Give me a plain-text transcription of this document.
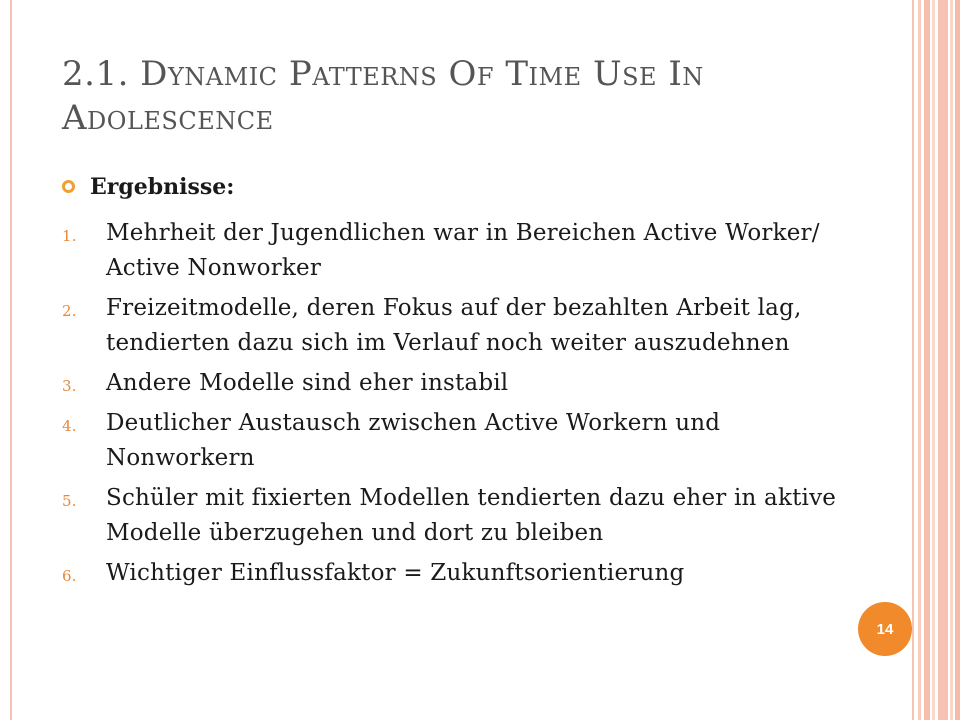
2.1. Dynamic Patterns Of Time Use In Adolescence
Ergebnisse:
1. Mehrheit der Jugendlichen war in Bereichen Active Worker/ Active Nonworker
2. Freizeitmodelle, deren Fokus auf der bezahlten Arbeit lag, tendierten dazu sich im Verlauf noch weiter auszudehnen
3. Andere Modelle sind eher instabil
4. Deutlicher Austausch zwischen Active Workern und Nonworkern
5. Schüler mit fixierten Modellen tendierten dazu eher in aktive Modelle überzugehen und dort zu bleiben
6. Wichtiger Einflussfaktor = Zukunftsorientierung
14
